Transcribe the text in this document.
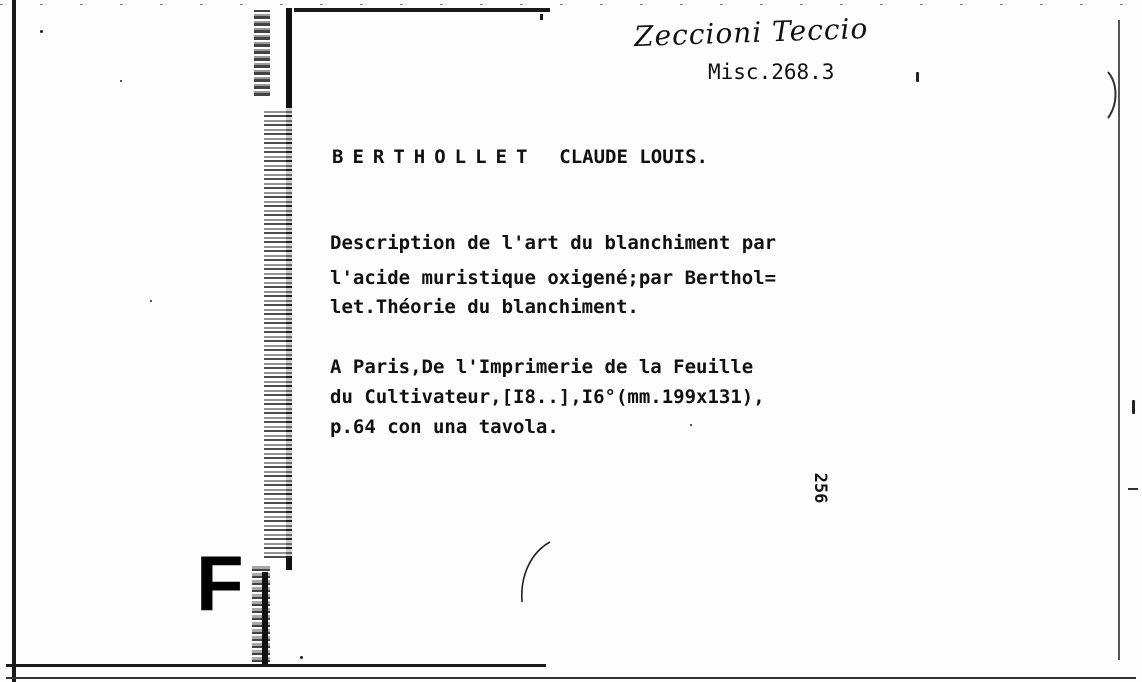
F
Zeccioni Teccio
Misc.268.3
BERTHOLLET CLAUDE LOUIS.
Description de l'art du blanchiment par
l'acide muristique oxigené;par Berthol=
let.Théorie du blanchiment.
A Paris,De l'Imprimerie de la Feuille
du Cultivateur,[I8..],I6°(mm.199x131),
p.64 con una tavola.
256
